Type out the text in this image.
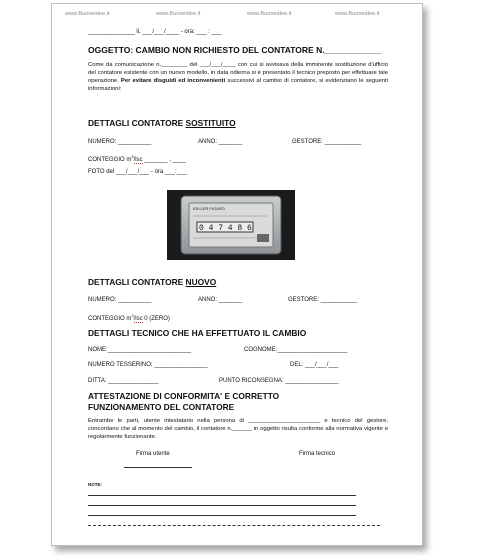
www.Buoneidee.it	www.Buoneidee.it	www.Buoneidee.it	www.Buoneidee.it
______________ li, ___/___/____ - ora: ___ : ___
OGGETTO: CAMBIO NON RICHIESTO DEL CONTATORE N.____________
Come da comunicazione n.________ del ___/___/____ con cui si avvisava della imminente sostituzione d'ufficio del contatore esistente con un nuovo modello, in data odierna si è presentato il tecnico preposto per effettuare tale operazione. Per evitare disguidi ed inconvenienti successivi al cambio di contatore, si evidenziano le seguenti informazioni:
DETTAGLI CONTATORE SOSTITUITO
NUMERO: __________	ANNO: _______	GESTORE: ___________
CONTEGGIO $m^3$/lsc _______ , ____
FOTO del ___/___/___ - ora ___:___
KELLER FIGARO
0 4 7 4 8 6
DETTAGLI CONTATORE NUOVO
NUMERO: __________	ANNO: _______	GESTORE: ___________
CONTEGGIO $m^3$/lsc 0 (ZERO)
DETTAGLI TECNICO CHE HA EFFETTUATO IL CAMBIO
NOME:_________________________	COGNOME:_____________________
NUMERO TESSERINO: ________________	DEL: ___/___/___
DITTA: _______________	PUNTO RICONSEGNA: ________________
ATTESTAZIONE DI CONFORMITA' E CORRETTO
FUNZIONAMENTO DEL CONTATORE
Entrambe le parti, utente intestatario nella persona di ______________________ e tecnico del gestore, concordano che al momento del cambio, il contatore n.______ in oggetto risulta conforme alla normativa vigente e regolarmente funzionante.
Firma utente	Firma tecnico
NOTE:
